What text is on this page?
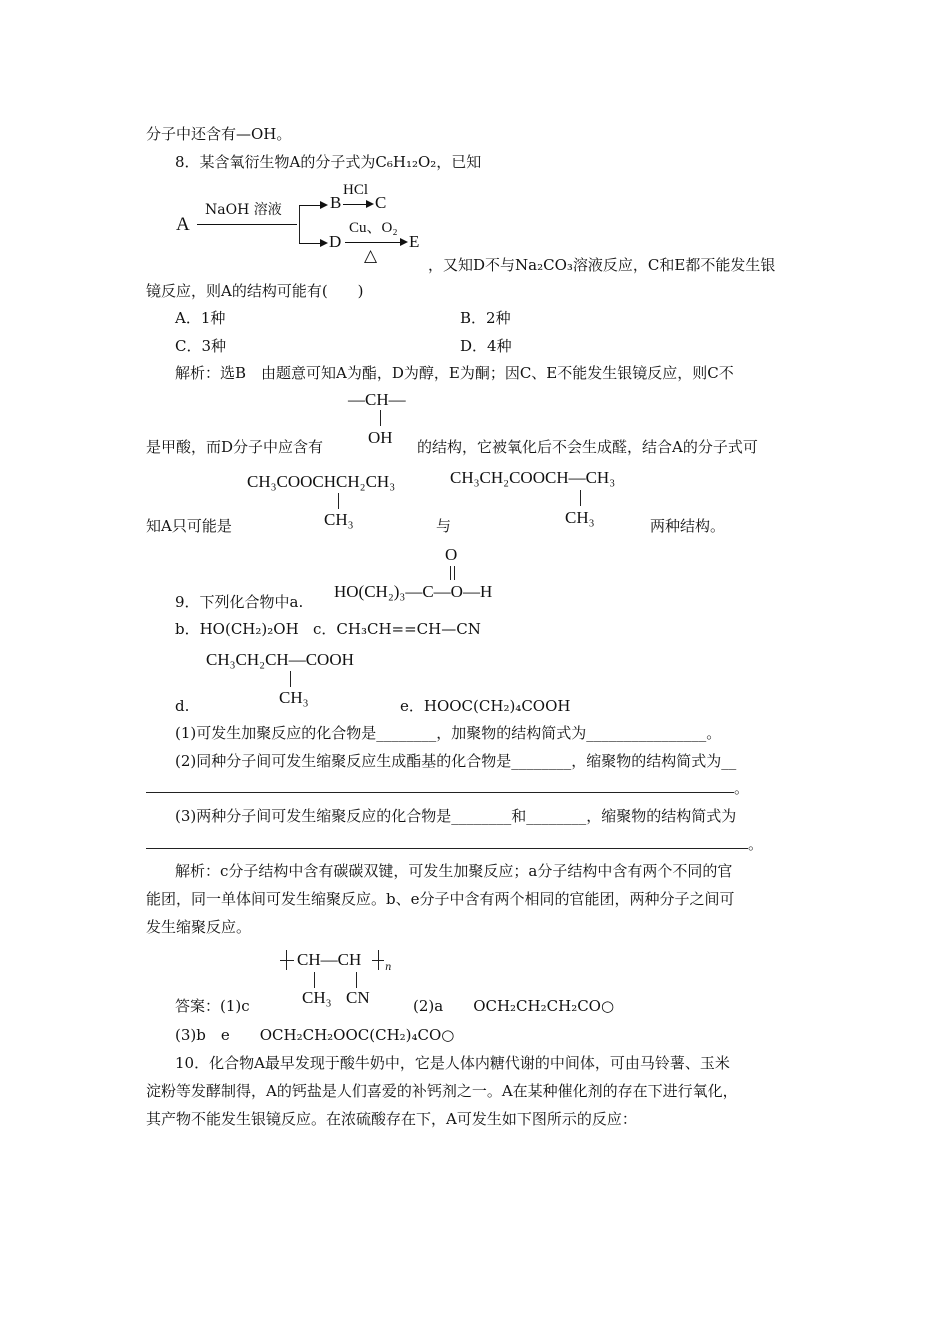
分子中还含有—OH。
8．某含氧衍生物A的分子式为C₆H₁₂O₂，已知
A
NaOH 溶液	B
HCl
C
D
Cu、O₂
E
△	，又知D不与Na₂CO₃溶液反应，C和E都不能发生银
镜反应，则A的结构可能有(　　)
A．1种	B．2种
C．3种	D．4种
解析：选B　由题意可知A为酯，D为醇，E为酮；因C、E不能发生银镜反应，则C不
—CH—
OH
是甲酸，而D分子中应含有	的结构，它被氧化后不会生成醛，结合A的分子式可
CH₃COOCHCH₂CH₃
CH₃
CH₃CH₂COOCH—CH₃
CH₃
知A只可能是	与	两种结构。
9．下列化合物中a.
O
HO(CH₂)₃—C—O—H
b．HO(CH₂)₂OH c．CH₃CH==CH—CN
CH₃CH₂CH—COOH
CH₃
d.	e．HOOC(CH₂)₄COOH
(1)可发生加聚反应的化合物是________，加聚物的结构简式为________________。
(2)同种分子间可发生缩聚反应生成酯基的化合物是________，缩聚物的结构简式为__
。
(3)两种分子间可发生缩聚反应的化合物是________和________，缩聚物的结构简式为
。
解析：c分子结构中含有碳碳双键，可发生加聚反应；a分子结构中含有两个不同的官
能团，同一单体间可发生缩聚反应。b、e分子中含有两个相同的官能团，两种分子之间可
发生缩聚反应。
CH—CH n
CH₃ CN
答案：(1)c	(2)a　　OCH₂CH₂CH₂CO○
(3)b　e　　OCH₂CH₂OOC(CH₂)₄CO○
10．化合物A最早发现于酸牛奶中，它是人体内糖代谢的中间体，可由马铃薯、玉米
淀粉等发酵制得，A的钙盐是人们喜爱的补钙剂之一。A在某种催化剂的存在下进行氧化，
其产物不能发生银镜反应。在浓硫酸存在下，A可发生如下图所示的反应：
